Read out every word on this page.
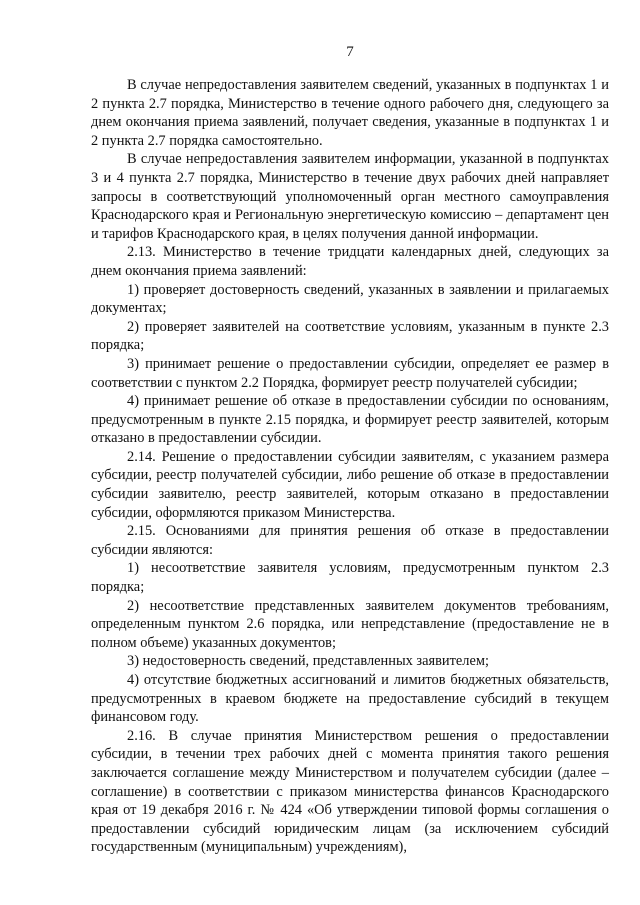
7

В случае непредоставления заявителем сведений, указанных в подпунктах 1 и 2 пункта 2.7 порядка, Министерство в течение одного рабочего дня, следующего за днем окончания приема заявлений, получает сведения, указанные в подпунктах 1 и 2 пункта 2.7 порядка самостоятельно.

В случае непредоставления заявителем информации, указанной в подпунктах 3 и 4 пункта 2.7 порядка, Министерство в течение двух рабочих дней направляет запросы в соответствующий уполномоченный орган местного самоуправления Краснодарского края и Региональную энергетическую комиссию – департамент цен и тарифов Краснодарского края, в целях получения данной информации.

2.13. Министерство в течение тридцати календарных дней, следующих за днем окончания приема заявлений:

1) проверяет достоверность сведений, указанных в заявлении и прилагаемых документах;

2) проверяет заявителей на соответствие условиям, указанным в пункте 2.3 порядка;

3) принимает решение о предоставлении субсидии, определяет ее размер в соответствии с пунктом 2.2 Порядка, формирует реестр получателей субсидии;

4) принимает решение об отказе в предоставлении субсидии по основаниям, предусмотренным в пункте 2.15 порядка, и формирует реестр заявителей, которым отказано в предоставлении субсидии.

2.14. Решение о предоставлении субсидии заявителям, с указанием размера субсидии, реестр получателей субсидии, либо решение об отказе в предоставлении субсидии заявителю, реестр заявителей, которым отказано в предоставлении субсидии, оформляются приказом Министерства.

2.15. Основаниями для принятия решения об отказе в предоставлении субсидии являются:

1) несоответствие заявителя условиям, предусмотренным пунктом 2.3 порядка;

2) несоответствие представленных заявителем документов требованиям, определенным пунктом 2.6 порядка, или непредставление (предоставление не в полном объеме) указанных документов;

3) недостоверность сведений, представленных заявителем;

4) отсутствие бюджетных ассигнований и лимитов бюджетных обязательств, предусмотренных в краевом бюджете на предоставление субсидий в текущем финансовом году.

2.16. В случае принятия Министерством решения о предоставлении субсидии, в течении трех рабочих дней с момента принятия такого решения заключается соглашение между Министерством и получателем субсидии (далее – соглашение) в соответствии с приказом министерства финансов Краснодарского края от 19 декабря 2016 г. № 424 «Об утверждении типовой формы соглашения о предоставлении субсидий юридическим лицам (за исключением субсидий государственным (муниципальным) учреждениям),
